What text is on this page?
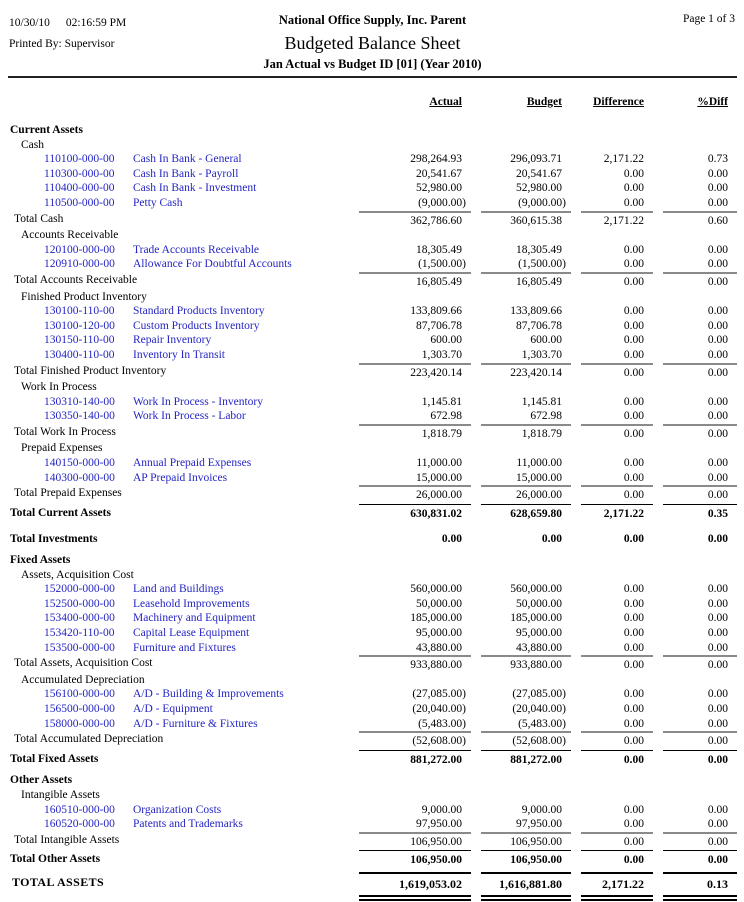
10/30/10 02:16:59 PM
Printed By: Supervisor
National Office Supply, Inc. Parent
Budgeted Balance Sheet
Jan Actual vs Budget ID [01] (Year 2010)
Page 1 of 3
Actual	Budget	Difference	%Diff
Current Assets
Cash
110100-000-00 Cash In Bank - General	298,264.93	296,093.71	2,171.22	0.73
110300-000-00 Cash In Bank - Payroll	20,541.67	20,541.67	0.00	0.00
110400-000-00 Cash In Bank - Investment	52,980.00	52,980.00	0.00	0.00
110500-000-00 Petty Cash	(9,000.00)	(9,000.00)	0.00	0.00
Total Cash	362,786.60	360,615.38	2,171.22	0.60
Accounts Receivable
120100-000-00 Trade Accounts Receivable	18,305.49	18,305.49	0.00	0.00
120910-000-00 Allowance For Doubtful Accounts	(1,500.00)	(1,500.00)	0.00	0.00
Total Accounts Receivable	16,805.49	16,805.49	0.00	0.00
Finished Product Inventory
130100-110-00 Standard Products Inventory	133,809.66	133,809.66	0.00	0.00
130100-120-00 Custom Products Inventory	87,706.78	87,706.78	0.00	0.00
130150-110-00 Repair Inventory	600.00	600.00	0.00	0.00
130400-110-00 Inventory In Transit	1,303.70	1,303.70	0.00	0.00
Total Finished Product Inventory	223,420.14	223,420.14	0.00	0.00
Work In Process
130310-140-00 Work In Process - Inventory	1,145.81	1,145.81	0.00	0.00
130350-140-00 Work In Process - Labor	672.98	672.98	0.00	0.00
Total Work In Process	1,818.79	1,818.79	0.00	0.00
Prepaid Expenses
140150-000-00 Annual Prepaid Expenses	11,000.00	11,000.00	0.00	0.00
140300-000-00 AP Prepaid Invoices	15,000.00	15,000.00	0.00	0.00
Total Prepaid Expenses	26,000.00	26,000.00	0.00	0.00
Total Current Assets	630,831.02	628,659.80	2,171.22	0.35
Total Investments	0.00	0.00	0.00	0.00
Fixed Assets
Assets, Acquisition Cost
152000-000-00 Land and Buildings	560,000.00	560,000.00	0.00	0.00
152500-000-00 Leasehold Improvements	50,000.00	50,000.00	0.00	0.00
153400-000-00 Machinery and Equipment	185,000.00	185,000.00	0.00	0.00
153420-110-00 Capital Lease Equipment	95,000.00	95,000.00	0.00	0.00
153500-000-00 Furniture and Fixtures	43,880.00	43,880.00	0.00	0.00
Total Assets, Acquisition Cost	933,880.00	933,880.00	0.00	0.00
Accumulated Depreciation
156100-000-00 A/D - Building & Improvements	(27,085.00)	(27,085.00)	0.00	0.00
156500-000-00 A/D - Equipment	(20,040.00)	(20,040.00)	0.00	0.00
158000-000-00 A/D - Furniture & Fixtures	(5,483.00)	(5,483.00)	0.00	0.00
Total Accumulated Depreciation	(52,608.00)	(52,608.00)	0.00	0.00
Total Fixed Assets	881,272.00	881,272.00	0.00	0.00
Other Assets
Intangible Assets
160510-000-00 Organization Costs	9,000.00	9,000.00	0.00	0.00
160520-000-00 Patents and Trademarks	97,950.00	97,950.00	0.00	0.00
Total Intangible Assets	106,950.00	106,950.00	0.00	0.00
Total Other Assets	106,950.00	106,950.00	0.00	0.00
TOTAL ASSETS	1,619,053.02	1,616,881.80	2,171.22	0.13
